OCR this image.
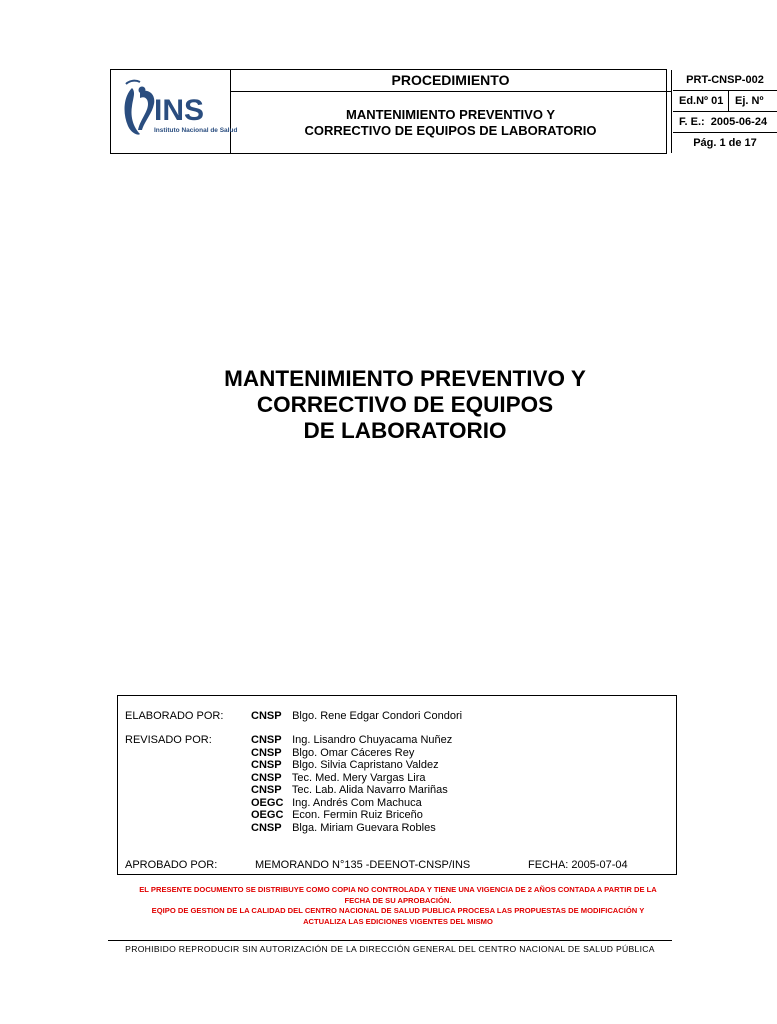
INS
Instituto Nacional de Salud
PROCEDIMIENTO
MANTENIMIENTO PREVENTIVO Y
CORRECTIVO DE EQUIPOS DE LABORATORIO
PRT-CNSP-002
Ed.Nº 01	Ej. Nº
F. E.: 2005-06-24
Pág. 1 de 17
MANTENIMIENTO PREVENTIVO Y
CORRECTIVO DE EQUIPOS
DE LABORATORIO
ELABORADO POR:	CNSP Blgo. Rene Edgar Condori Condori
REVISADO POR:	CNSP Ing. Lisandro Chuyacama Nuñez
CNSP Blgo. Omar Cáceres Rey
CNSP Blgo. Silvia Capristano Valdez
CNSP Tec. Med. Mery Vargas Lira
CNSP Tec. Lab. Alida Navarro Mariñas
OEGC Ing. Andrés Com Machuca
OEGC Econ. Fermin Ruiz Briceño
CNSP Blga. Miriam Guevara Robles
APROBADO POR:	MEMORANDO N°135 -DEENOT-CNSP/INS	FECHA: 2005-07-04
EL PRESENTE DOCUMENTO SE DISTRIBUYE COMO COPIA NO CONTROLADA Y TIENE UNA VIGENCIA DE 2 AÑOS CONTADA A PARTIR DE LA
FECHA DE SU APROBACIÓN.
EQIPO DE GESTION DE LA CALIDAD DEL CENTRO NACIONAL DE SALUD PUBLICA PROCESA LAS PROPUESTAS DE MODIFICACIÓN Y
ACTUALIZA LAS EDICIONES VIGENTES DEL MISMO
PROHIBIDO REPRODUCIR SIN AUTORIZACIÓN DE LA DIRECCIÓN GENERAL DEL CENTRO NACIONAL DE SALUD PÚBLICA
